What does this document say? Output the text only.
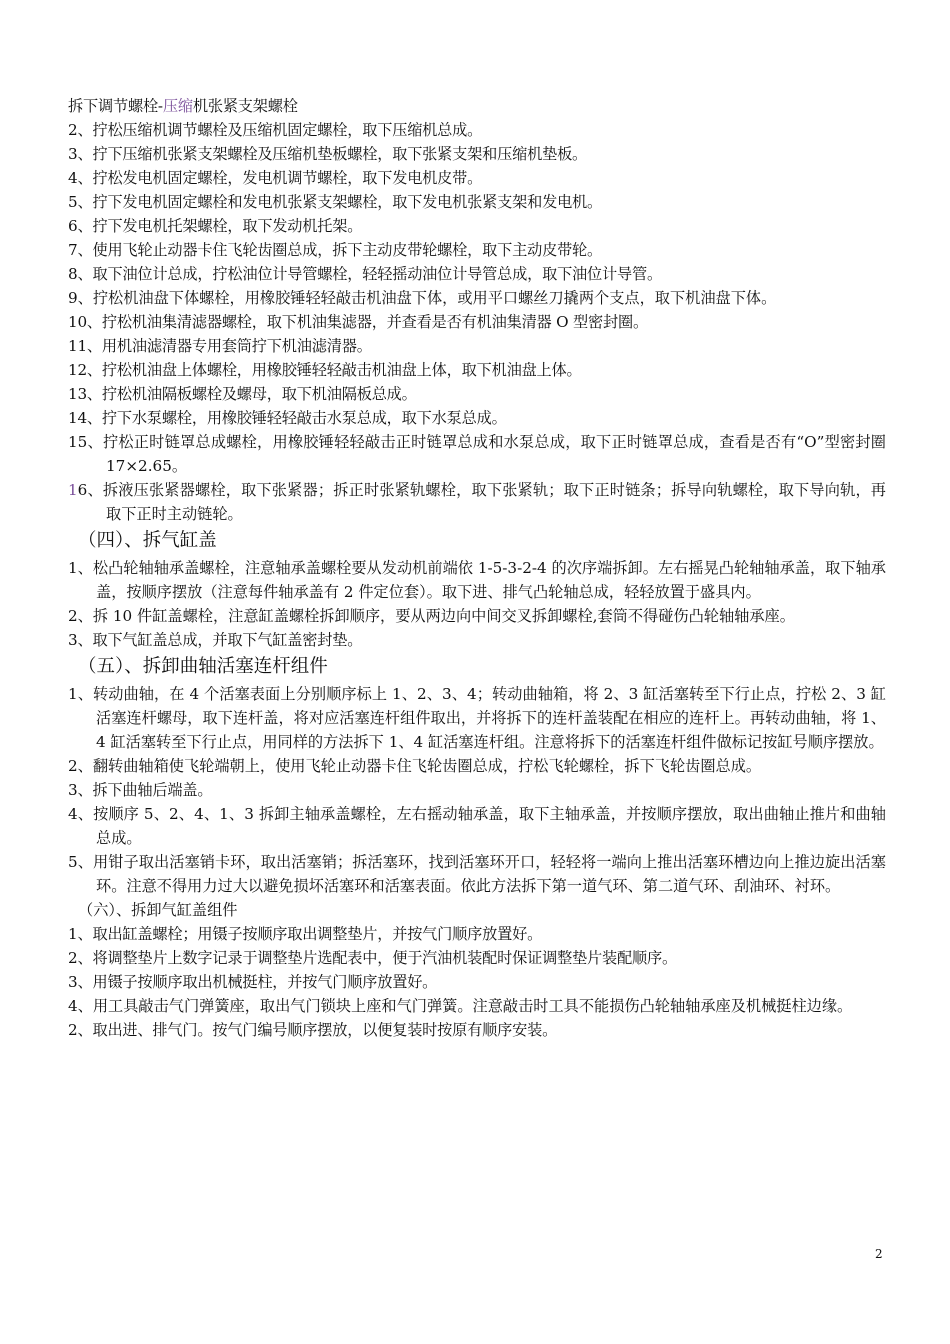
拆下调节螺栓-压缩机张紧支架螺栓
2、拧松压缩机调节螺栓及压缩机固定螺栓，取下压缩机总成。
3、拧下压缩机张紧支架螺栓及压缩机垫板螺栓，取下张紧支架和压缩机垫板。
4、拧松发电机固定螺栓，发电机调节螺栓，取下发电机皮带。
5、拧下发电机固定螺栓和发电机张紧支架螺栓，取下发电机张紧支架和发电机。
6、拧下发电机托架螺栓，取下发动机托架。
7、使用飞轮止动器卡住飞轮齿圈总成，拆下主动皮带轮螺栓，取下主动皮带轮。
8、取下油位计总成，拧松油位计导管螺栓，轻轻摇动油位计导管总成，取下油位计导管。

9、拧松机油盘下体螺栓，用橡胶锤轻轻敲击机油盘下体，或用平口螺丝刀撬两个支点，取下机油盘下体。

10、拧松机油集清滤器螺栓，取下机油集滤器，并查看是否有机油集清器 O 型密封圈。
11、用机油滤清器专用套筒拧下机油滤清器。
12、拧松机油盘上体螺栓，用橡胶锤轻轻敲击机油盘上体，取下机油盘上体。
13、拧松机油隔板螺栓及螺母，取下机油隔板总成。
14、拧下水泵螺栓，用橡胶锤轻轻敲击水泵总成，取下水泵总成。

15、拧松正时链罩总成螺栓，用橡胶锤轻轻敲击正时链罩总成和水泵总成，取下正时链罩总成，查看是否有“O”型密封圈 17×2.65。

16、拆液压张紧器螺栓，取下张紧器；拆正时张紧轨螺栓，取下张紧轨；取下正时链条；拆导向轨螺栓，取下导向轨，再取下正时主动链轮。

（四）、拆气缸盖

1、松凸轮轴轴承盖螺栓，注意轴承盖螺栓要从发动机前端依 1-5-3-2-4 的次序端拆卸。左右摇晃凸轮轴轴承盖，取下轴承盖，按顺序摆放（注意每件轴承盖有 2 件定位套）。取下进、排气凸轮轴总成，轻轻放置于盛具内。

2、拆 10 件缸盖螺栓，注意缸盖螺栓拆卸顺序，要从两边向中间交叉拆卸螺栓,套筒不得碰伤凸轮轴轴承座。

3、取下气缸盖总成，并取下气缸盖密封垫。
（五）、拆卸曲轴活塞连杆组件

1、转动曲轴，在 4 个活塞表面上分别顺序标上 1、2、3、4；转动曲轴箱，将 2、3 缸活塞转至下行止点，拧松 2、3 缸活塞连杆螺母，取下连杆盖，将对应活塞连杆组件取出，并将拆下的连杆盖装配在相应的连杆上。再转动曲轴，将 1、4 缸活塞转至下行止点，用同样的方法拆下 1、4 缸活塞连杆组。注意将拆下的活塞连杆组件做标记按缸号顺序摆放。

2、翻转曲轴箱使飞轮端朝上，使用飞轮止动器卡住飞轮齿圈总成，拧松飞轮螺栓，拆下飞轮齿圈总成。

3、拆下曲轴后端盖。

4、按顺序 5、2、4、1、3 拆卸主轴承盖螺栓，左右摇动轴承盖，取下主轴承盖，并按顺序摆放，取出曲轴止推片和曲轴总成。

5、用钳子取出活塞销卡环，取出活塞销；拆活塞环，找到活塞环开口，轻轻将一端向上推出活塞环槽边向上推边旋出活塞环。注意不得用力过大以避免损坏活塞环和活塞表面。依此方法拆下第一道气环、第二道气环、刮油环、衬环。

（六）、拆卸气缸盖组件
1、取出缸盖螺栓；用镊子按顺序取出调整垫片，并按气门顺序放置好。
2、将调整垫片上数字记录于调整垫片选配表中，便于汽油机装配时保证调整垫片装配顺序。
3、用镊子按顺序取出机械挺柱，并按气门顺序放置好。

4、用工具敲击气门弹簧座，取出气门锁块上座和气门弹簧。注意敲击时工具不能损伤凸轮轴轴承座及机械挺柱边缘。

2、取出进、排气门。按气门编号顺序摆放，以便复装时按原有顺序安装。
2
